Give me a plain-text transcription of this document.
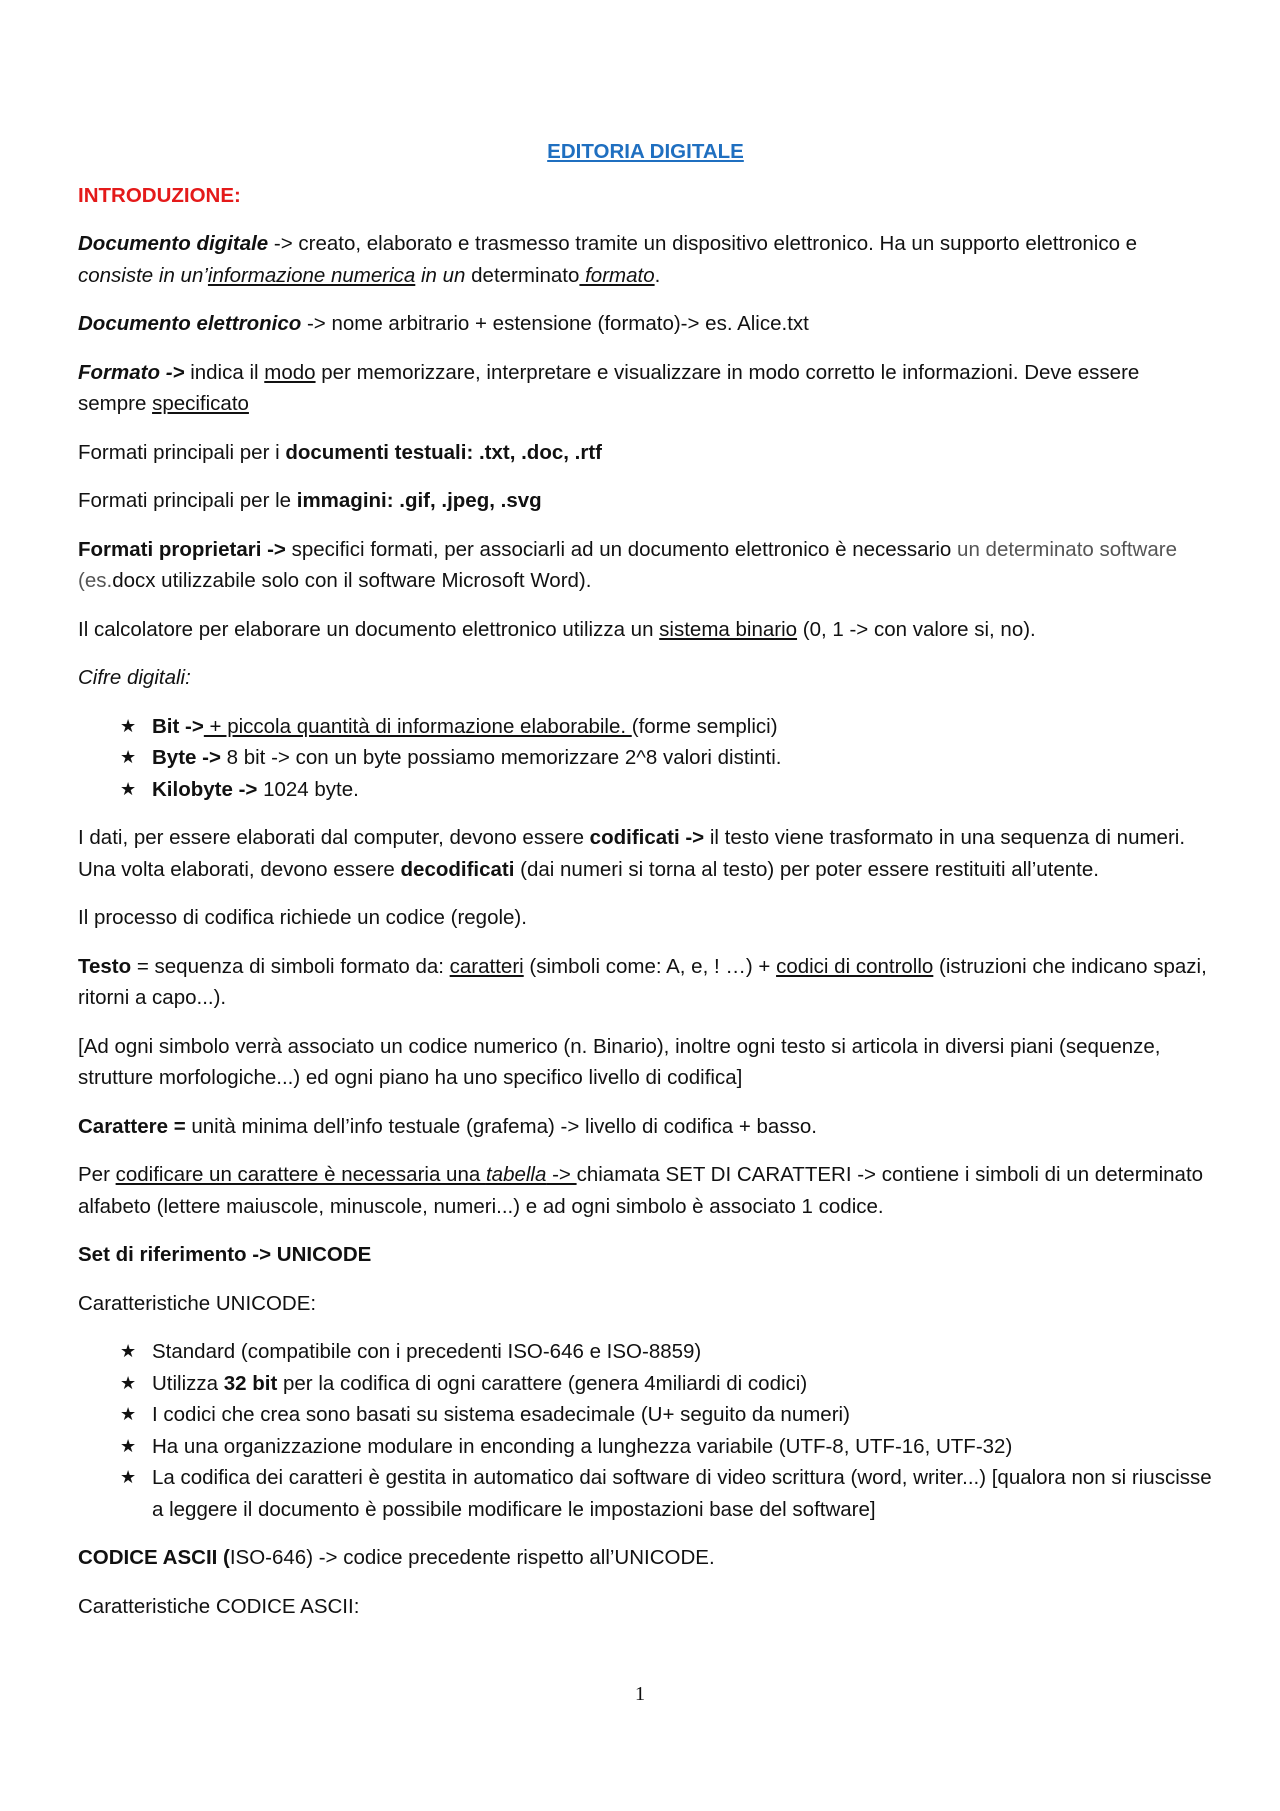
EDITORIA DIGITALE
INTRODUZIONE:

Documento digitale -> creato, elaborato e trasmesso tramite un dispositivo elettronico. Ha un supporto elettronico e consiste in un’informazione numerica in un determinato formato.

Documento elettronico -> nome arbitrario + estensione (formato)-> es. Alice.txt

Formato -> indica il modo per memorizzare, interpretare e visualizzare in modo corretto le informazioni. Deve essere sempre specificato

Formati principali per i documenti testuali: .txt, .doc, .rtf

Formati principali per le immagini: .gif, .jpeg, .svg

Formati proprietari -> specifici formati, per associarli ad un documento elettronico è necessario un determinato software (es.docx utilizzabile solo con il software Microsoft Word).

Il calcolatore per elaborare un documento elettronico utilizza un sistema binario (0, 1 -> con valore si, no).

Cifre digitali:

★ Bit -> + piccola quantità di informazione elaborabile. (forme semplici)
★ Byte -> 8 bit -> con un byte possiamo memorizzare 2^8 valori distinti.
★ Kilobyte -> 1024 byte.

I dati, per essere elaborati dal computer, devono essere codificati -> il testo viene trasformato in una sequenza di numeri. Una volta elaborati, devono essere decodificati (dai numeri si torna al testo) per poter essere restituiti all’utente.

Il processo di codifica richiede un codice (regole).

Testo = sequenza di simboli formato da: caratteri (simboli come: A, e, ! …) + codici di controllo (istruzioni che indicano spazi, ritorni a capo...).

[Ad ogni simbolo verrà associato un codice numerico (n. Binario), inoltre ogni testo si articola in diversi piani (sequenze, strutture morfologiche...) ed ogni piano ha uno specifico livello di codifica]

Carattere = unità minima dell’info testuale (grafema) -> livello di codifica + basso.

Per codificare un carattere è necessaria una tabella -> chiamata SET DI CARATTERI -> contiene i simboli di un determinato alfabeto (lettere maiuscole, minuscole, numeri...) e ad ogni simbolo è associato 1 codice.

Set di riferimento -> UNICODE

Caratteristiche UNICODE:

★ Standard (compatibile con i precedenti ISO-646 e ISO-8859)
★ Utilizza 32 bit per la codifica di ogni carattere (genera 4miliardi di codici)
★ I codici che crea sono basati su sistema esadecimale (U+ seguito da numeri)
★ Ha una organizzazione modulare in enconding a lunghezza variabile (UTF-8, UTF-16, UTF-32)
★ La codifica dei caratteri è gestita in automatico dai software di video scrittura (word, writer...) [qualora non si riuscisse a leggere il documento è possibile modificare le impostazioni base del software]

CODICE ASCII (ISO-646) -> codice precedente rispetto all’UNICODE.

Caratteristiche CODICE ASCII:

1
